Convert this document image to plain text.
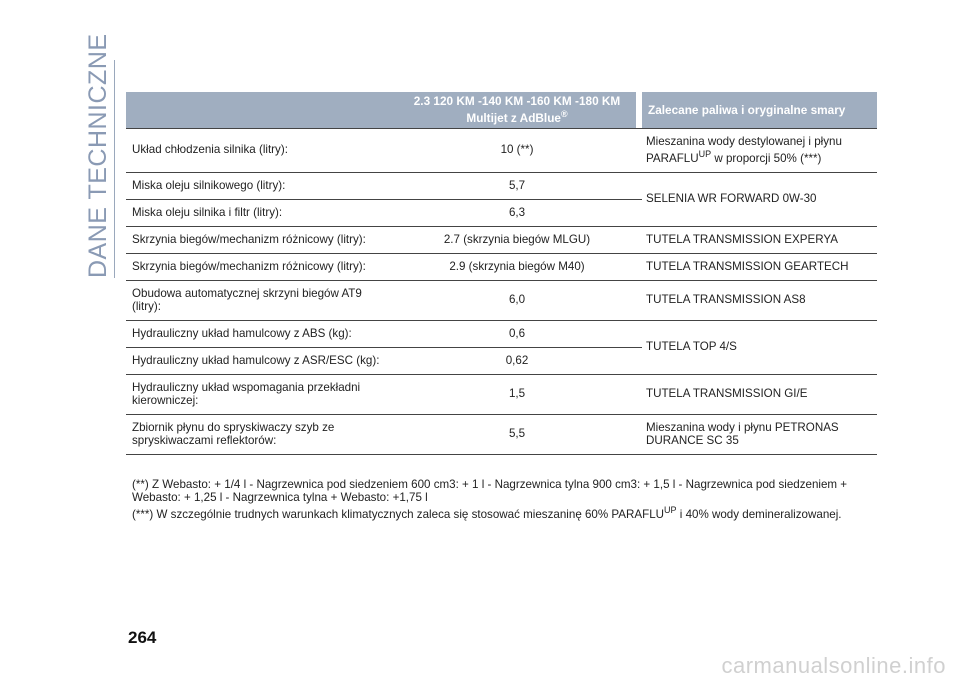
DANE TECHNICZNE

	2.3 120 KM -140 KM -160 KM -180 KM
Multijet z AdBlue®		Zalecane paliwa i oryginalne smary
Układ chłodzenia silnika (litry):	10 (**)		Mieszanina wody destylowanej i płynu
$PARAFLU^{UP}$ w proporcji 50% (***)

Miska oleju silnikowego (litry):	5,7		SELENIA WR FORWARD 0W-30
Miska oleju silnika i filtr (litry):	6,3		
Skrzynia biegów/mechanizm różnicowy (litry):	2.7 (skrzynia biegów MLGU)		TUTELA TRANSMISSION EXPERYA
Skrzynia biegów/mechanizm różnicowy (litry):	2.9 (skrzynia biegów M40)		TUTELA TRANSMISSION GEARTECH
Obudowa automatycznej skrzyni biegów AT9 (litry):	6,0		TUTELA TRANSMISSION AS8
Hydrauliczny układ hamulcowy z ABS (kg):	0,6		TUTELA TOP 4/S
Hydrauliczny układ hamulcowy z ASR/ESC (kg):	0,62		
Hydrauliczny układ wspomagania przekładni kierowniczej:	1,5		TUTELA TRANSMISSION GI/E
Zbiornik płynu do spryskiwaczy szyb ze spryskiwaczami reflektorów:	5,5		Mieszanina wody i płynu PETRONAS
DURANCE SC 35
(**) Z Webasto: + 1/4 l - Nagrzewnica pod siedzeniem 600 cm3: + 1 l - Nagrzewnica tylna 900 cm3: + 1,5 l - Nagrzewnica pod siedzeniem + Webasto: + 1,25 l - Nagrzewnica tylna + Webasto: +1,75 l
(***) W szczególnie trudnych warunkach klimatycznych zaleca się stosować mieszaninę 60% $PARAFLU^{UP}$ i 40% wody demineralizowanej.
264
carmanualsonline.info
